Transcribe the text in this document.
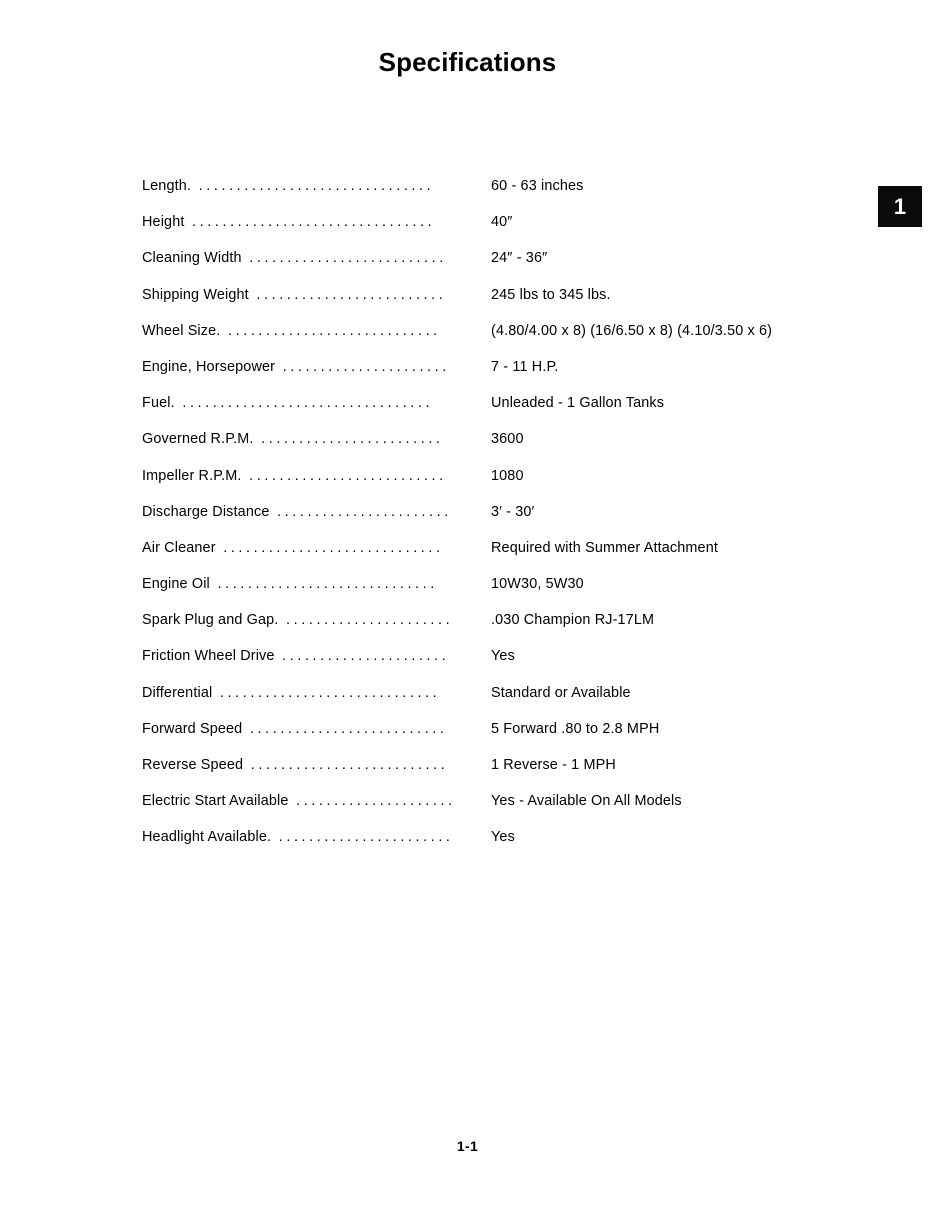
Specifications
1
Length. ...............................	60 - 63 inches
Height ................................	40″
Cleaning Width ..........................	24″ - 36″
Shipping Weight .........................	245 lbs to 345 lbs.
Wheel Size. ............................	(4.80/4.00 x 8) (16/6.50 x 8) (4.10/3.50 x 6)
Engine, Horsepower ......................	7 - 11 H.P.
Fuel. .................................	Unleaded - 1 Gallon Tanks
Governed R.P.M. ........................	3600
Impeller R.P.M. ..........................	1080
Discharge Distance .......................	3′ - 30′
Air Cleaner .............................	Required with Summer Attachment
Engine Oil .............................	10W30, 5W30
Spark Plug and Gap. ......................	.030 Champion RJ-17LM
Friction Wheel Drive ......................	Yes
Differential .............................	Standard or Available
Forward Speed ..........................	5 Forward .80 to 2.8 MPH
Reverse Speed ..........................	1 Reverse - 1 MPH
Electric Start Available .....................	Yes - Available On All Models
Headlight Available. .......................	Yes
1-1
